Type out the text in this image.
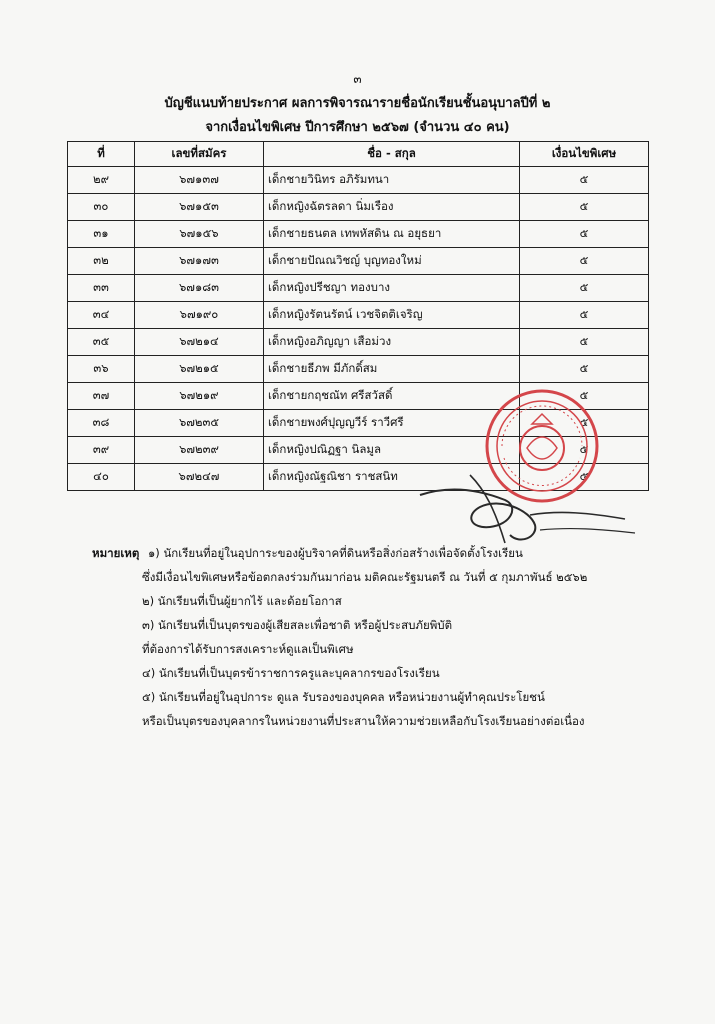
๓
บัญชีแนบท้ายประกาศ ผลการพิจารณารายชื่อนักเรียนชั้นอนุบาลปีที่ ๒
จากเงื่อนไขพิเศษ ปีการศึกษา ๒๕๖๗ (จำนวน ๔๐ คน)
ที่	เลขที่สมัคร	ชื่อ - สกุล	เงื่อนไขพิเศษ
๒๙	๖๗๑๓๗	เด็กชายวินิทร อภิรัมทนา	๕
๓๐	๖๗๑๕๓	เด็กหญิงฉัตรลดา นิ่มเรือง	๕
๓๑	๖๗๑๕๖	เด็กชายธนตล เทพหัสดิน ณ อยุธยา	๕
๓๒	๖๗๑๗๓	เด็กชายปัณณวิชญ์ บุญทองใหม่	๕
๓๓	๖๗๑๘๓	เด็กหญิงปรีชญา ทองบาง	๕
๓๔	๖๗๑๙๐	เด็กหญิงรัตนรัตน์ เวชจิตติเจริญ	๕
๓๕	๖๗๒๑๔	เด็กหญิงอภิญญา เสือม่วง	๕
๓๖	๖๗๒๑๕	เด็กชายธีภพ มีภักดิ์สม	๕
๓๗	๖๗๒๑๙	เด็กชายกฤชณัท ศรีสวัสดิ์	๕
๓๘	๖๗๒๓๕	เด็กชายพงศ์ปุญญวีร์ ราวีศรี	๕
๓๙	๖๗๒๓๙	เด็กหญิงปณิฏฐา นิลมูล	๕
๔๐	๖๗๒๔๗	เด็กหญิงณัฐณิชา ราชสนิท	๕
หมายเหตุ ๑) นักเรียนที่อยู่ในอุปการะของผู้บริจาคที่ดินหรือสิ่งก่อสร้างเพื่อจัดตั้งโรงเรียน
ซึ่งมีเงื่อนไขพิเศษหรือข้อตกลงร่วมกันมาก่อน มติคณะรัฐมนตรี ณ วันที่ ๕ กุมภาพันธ์ ๒๕๖๒
๒) นักเรียนที่เป็นผู้ยากไร้ และด้อยโอกาส
๓) นักเรียนที่เป็นบุตรของผู้เสียสละเพื่อชาติ หรือผู้ประสบภัยพิบัติ
ที่ต้องการได้รับการสงเคราะห์ดูแลเป็นพิเศษ
๔) นักเรียนที่เป็นบุตรข้าราชการครูและบุคลากรของโรงเรียน
๕) นักเรียนที่อยู่ในอุปการะ ดูแล รับรองของบุคคล หรือหน่วยงานผู้ทำคุณประโยชน์
หรือเป็นบุตรของบุคลากรในหน่วยงานที่ประสานให้ความช่วยเหลือกับโรงเรียนอย่างต่อเนื่อง
